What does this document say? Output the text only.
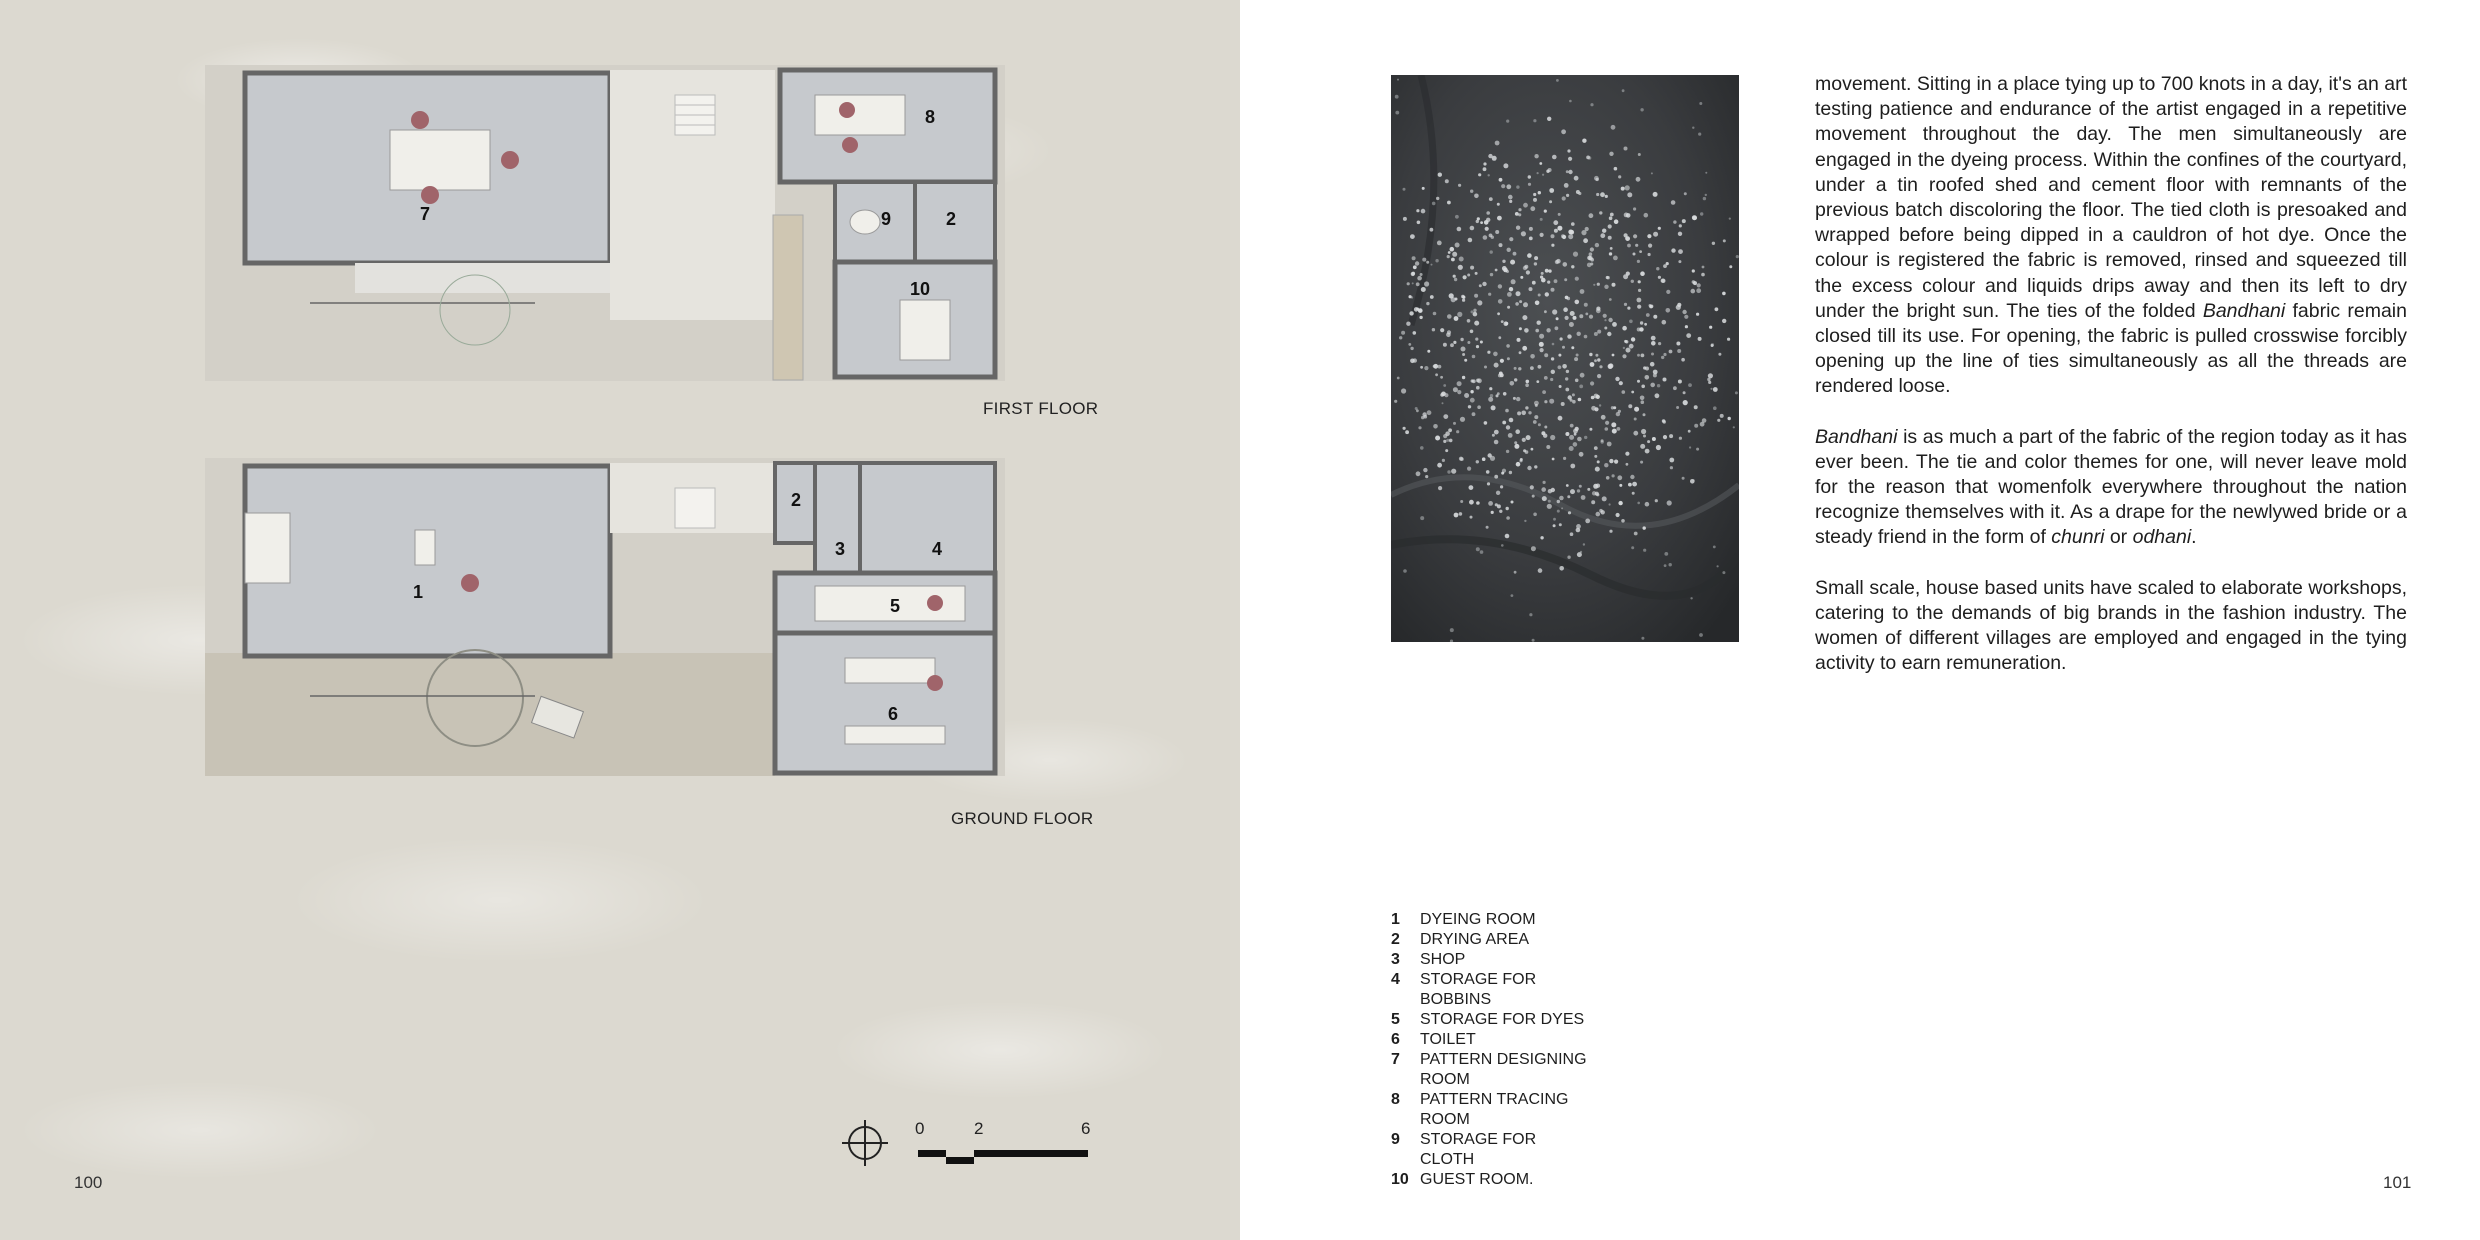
7
8
9	2
10
FIRST FLOOR
1
2
3	4
5
6
GROUND FLOOR
0	2	6
100

movement. Sitting in a place tying up to 700 knots in a day, it's an art testing patience and endurance of the artist engaged in a repetitive movement throughout the day. The men simultaneously are engaged in the dyeing process. Within the confines of the courtyard, under a tin roofed shed and cement floor with remnants of the previous batch discoloring the floor. The tied cloth is presoaked and wrapped before being dipped in a cauldron of hot dye. Once the colour is registered the fabric is removed, rinsed and squeezed till the excess colour and liquids drips away and then its left to dry under the bright sun. The ties of the folded Bandhani fabric remain closed till its use. For opening, the fabric is pulled crosswise forcibly opening up the line of ties simultaneously as all the threads are rendered loose.

Bandhani is as much a part of the fabric of the region today as it has ever been. The tie and color themes for one, will never leave mold for the reason that womenfolk everywhere throughout the nation recognize themselves with it. As a drape for the newlywed bride or a steady friend in the form of chunri or odhani.

Small scale, house based units have scaled to elaborate workshops, catering to the demands of big brands in the fashion industry. The women of different villages are employed and engaged in the tying activity to earn remuneration.

1	DYEING ROOM
2	DRYING AREA
3	SHOP
4	STORAGE FOR BOBBINS
5	STORAGE FOR DYES
6	TOILET
7	PATTERN DESIGNING ROOM
8	PATTERN TRACING ROOM
9	STORAGE FOR CLOTH
10 GUEST ROOM.	101
